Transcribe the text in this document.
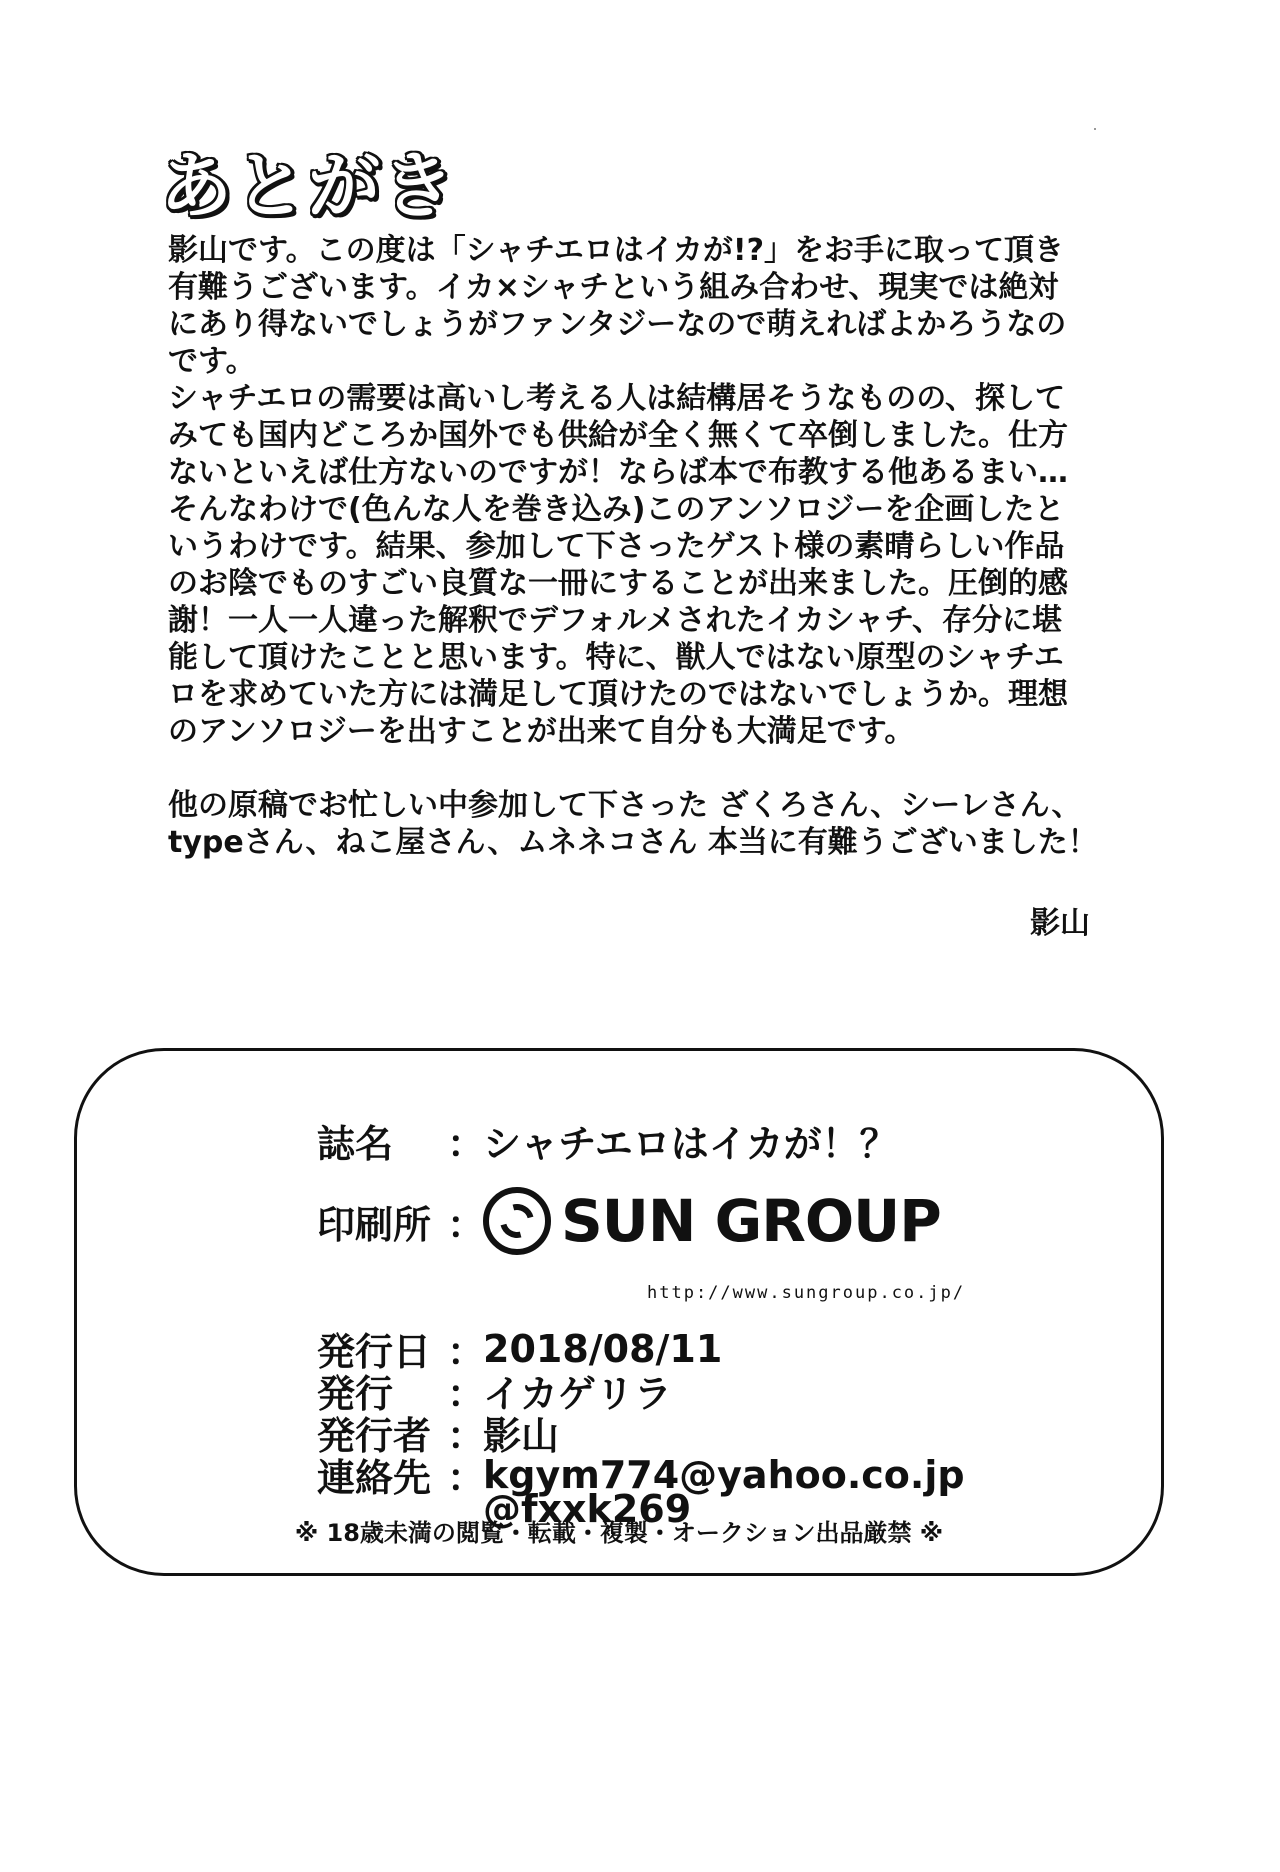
あとがき

影山です。この度は「シャチエロはイカが!?」をお手に取って頂き

有難うございます。イカ×シャチという組み合わせ、現実では絶対

にあり得ないでしょうがファンタジーなので萌えればよかろうなの

です。

シャチエロの需要は高いし考える人は結構居そうなものの、探して

みても国内どころか国外でも供給が全く無くて卒倒しました。仕方

ないといえば仕方ないのですが！ならば本で布教する他あるまい…

そんなわけで(色んな人を巻き込み)このアンソロジーを企画したと

いうわけです。結果、参加して下さったゲスト様の素晴らしい作品

のお陰でものすごい良質な一冊にすることが出来ました。圧倒的感

謝！一人一人違った解釈でデフォルメされたイカシャチ、存分に堪

能して頂けたことと思います。特に、獣人ではない原型のシャチエ

ロを求めていた方には満足して頂けたのではないでしょうか。理想

のアンソロジーを出すことが出来て自分も大満足です。

他の原稿でお忙しい中参加して下さった ざくろさん、シーレさん、

typeさん、ねこ屋さん、ムネネコさん 本当に有難うございました！

影山

誌名	：
シャチエロはイカが！？
印刷所 ： SUN GROUP
http://www.sungroup.co.jp/
発行日 ：
2018/08/11
発行	：
イカゲリラ
発行者 ：
影山
連絡先 ：
kgym774@yahoo.co.jp
@fxxk269
※ 18歳未満の閲覧・転載・複製・オークション出品厳禁 ※
